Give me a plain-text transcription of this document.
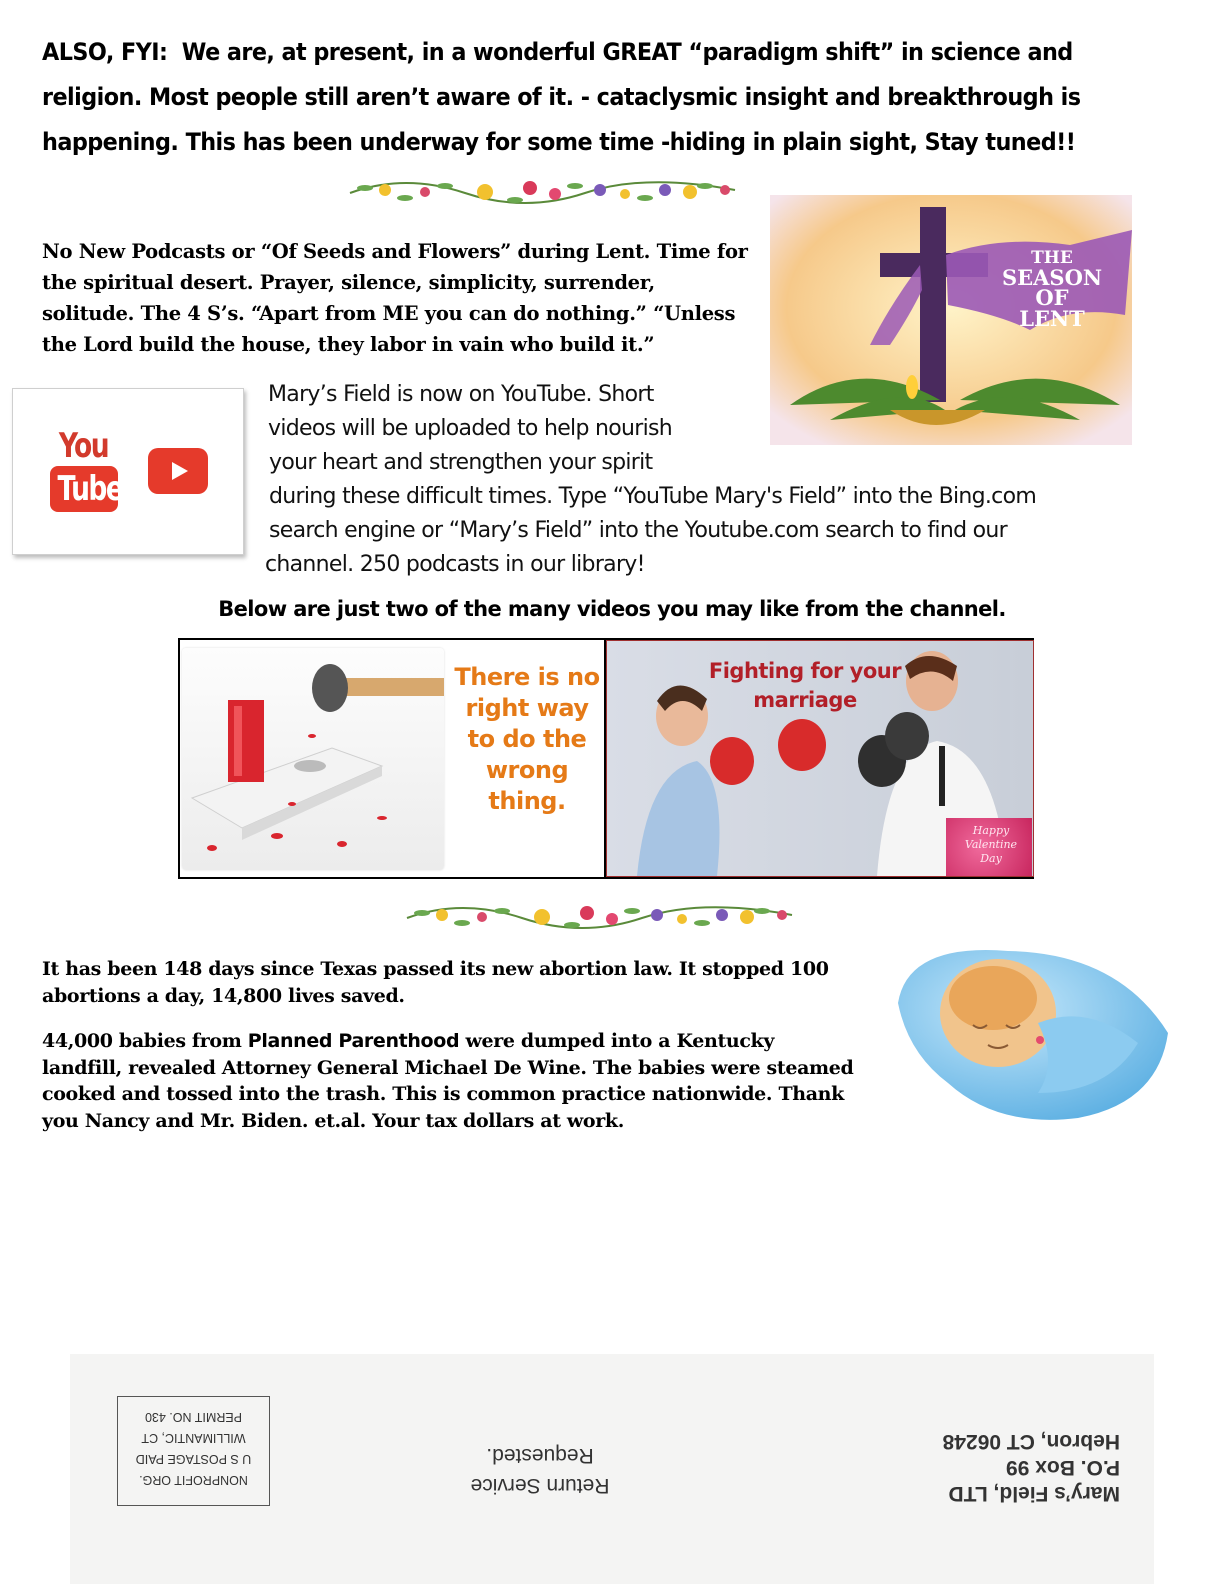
ALSO, FYI: We are, at present, in a wonderful GREAT “paradigm shift” in science and religion. Most people still aren’t aware of it. - cataclysmic insight and breakthrough is happening. This has been underway for some time -hiding in plain sight, Stay tuned!!
No New Podcasts or “Of Seeds and Flowers” during Lent. Time for
the spiritual desert. Prayer, silence, simplicity, surrender,
solitude. The 4 S’s. “Apart from ME you can do nothing.” “Unless
the Lord build the house, they labor in vain who build it.”
THE
SEASON
OF
LENT
You
Tube
Mary’s Field is now on YouTube. Short
videos will be uploaded to help nourish
your heart and strengthen your spirit
during these difficult times. Type “YouTube Mary's Field” into the Bing.com
search engine or “Mary’s Field” into the Youtube.com search to find our
channel. 250 podcasts in our library!
Below are just two of the many videos you may like from the channel.
There is no
right way
to do the
wrong
thing.
Fighting for your
marriage
Happy
Valentine
Day
It has been 148 days since Texas passed its new abortion law. It stopped 100
abortions a day, 14,800 lives saved.
44,000 babies from Planned Parenthood were dumped into a Kentucky
landfill, revealed Attorney General Michael De Wine. The babies were steamed
cooked and tossed into the trash. This is common practice nationwide. Thank
you Nancy and Mr. Biden. et.al. Your tax dollars at work.
NONPROFIT ORG.
U S POSTAGE PAID
WILLIMANTIC, CT
PERMIT NO. 430
Return Service
Requested.
Mary’s Field, LTD
P.O. Box 99
Hebron, CT 06248
